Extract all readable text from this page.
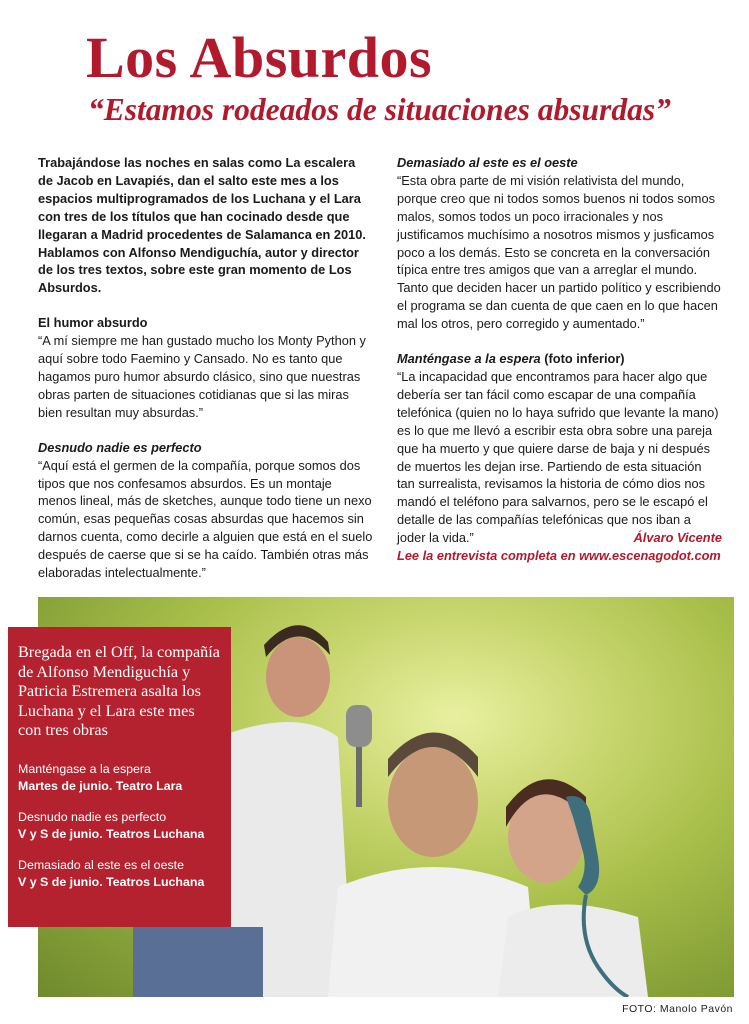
Los Absurdos
“Estamos rodeados de situaciones absurdas”

Trabajándose las noches en salas como La escalera de Jacob en Lavapiés, dan el salto este mes a los espacios multiprogramados de los Luchana y el Lara con tres de los títulos que han cocinado desde que llegaran a Madrid procedentes de Salamanca en 2010. Hablamos con Alfonso Mendiguchía, autor y director de los tres textos, sobre este gran momento de Los Absurdos.

El humor absurdo

“A mí siempre me han gustado mucho los Monty Python y aquí sobre todo Faemino y Cansado. No es tanto que hagamos puro humor absurdo clásico, sino que nuestras obras parten de situaciones cotidianas que si las miras bien resultan muy absurdas.”

Desnudo nadie es perfecto

“Aquí está el germen de la compañía, porque somos dos tipos que nos confesamos absurdos. Es un montaje menos lineal, más de sketches, aunque todo tiene un nexo común, esas pequeñas cosas absurdas que hacemos sin darnos cuenta, como decirle a alguien que está en el suelo después de caerse que si se ha caído. También otras más elaboradas intelectualmente.”

Demasiado al este es el oeste

“Esta obra parte de mi visión relativista del mundo, porque creo que ni todos somos buenos ni todos somos malos, somos todos un poco irracionales y nos justificamos muchísimo a nosotros mismos y jusficamos poco a los demás. Esto se concreta en la conversación típica entre tres amigos que van a arreglar el mundo. Tanto que deciden hacer un partido político y escribiendo el programa se dan cuenta de que caen en lo que hacen mal los otros, pero corregido y aumentado.”

Manténgase a la espera (foto inferior)

“La incapacidad que encontramos para hacer algo que debería ser tan fácil como escapar de una compañía telefónica (quien no lo haya sufrido que levante la mano) es lo que me llevó a escribir esta obra sobre una pareja que ha muerto y que quiere darse de baja y ni después de muertos les dejan irse. Partiendo de esta situación tan surrealista, revisamos la historia de cómo dios nos mandó el teléfono para salvarnos, pero se le escapó el detalle de las compañías telefónicas que nos iban a joder la vida.”	Álvaro Vicente
Lee la entrevista completa en www.escenagodot.com

Bregada en el Off, la compañía de Alfonso Mendiguchía y Patricia Estremera asalta los Luchana y el Lara este mes con tres obras

Manténgase a la espera
Martes de junio. Teatro Lara
Desnudo nadie es perfecto
V y S de junio. Teatros Luchana
Demasiado al este es el oeste
V y S de junio. Teatros Luchana
FOTO: Manolo Pavón
